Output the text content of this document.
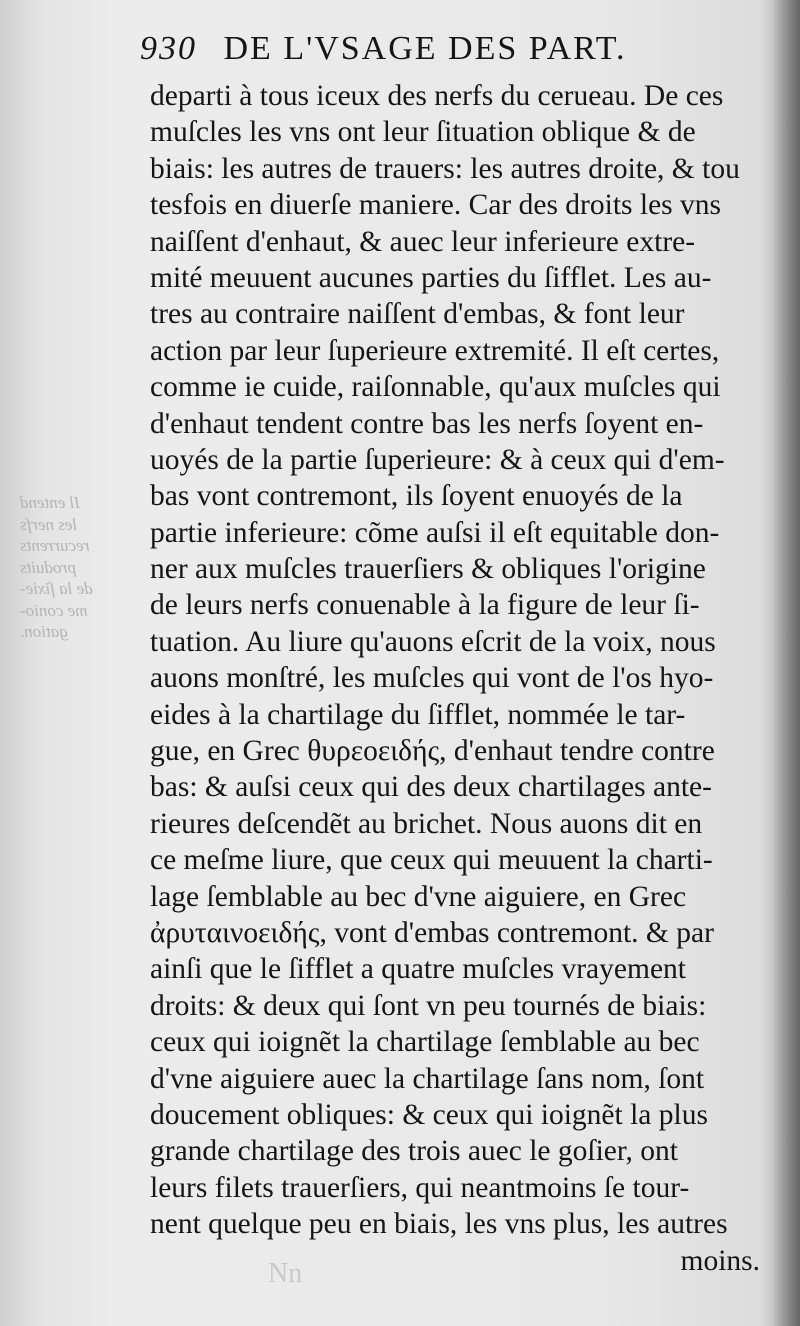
930 DE L'VSAGE DES PART.
departi à tous iceux des nerfs du cerueau. De ces
muſcles les vns ont leur ſituation oblique & de
biais: les autres de trauers: les autres droite, & tou
tesfois en diuerſe maniere. Car des droits les vns
naiſſent d'enhaut, & auec leur inferieure extre-
mité meuuent aucunes parties du ſifflet. Les au-
tres au contraire naiſſent d'embas, & font leur
action par leur ſuperieure extremité. Il eſt certes,
comme ie cuide, raiſonnable, qu'aux muſcles qui
d'enhaut tendent contre bas les nerfs ſoyent en-
uoyés de la partie ſuperieure: & à ceux qui d'em-
bas vont contremont, ils ſoyent enuoyés de la
partie inferieure: cõme auſsi il eſt equitable don-
ner aux muſcles trauerſiers & obliques l'origine
de leurs nerfs conuenable à la figure de leur ſi-
tuation. Au liure qu'auons eſcrit de la voix, nous
auons monſtré, les muſcles qui vont de l'os hyo-
eides à la chartilage du ſifflet, nommée le tar-
gue, en Grec θυρεοειδής, d'enhaut tendre contre
bas: & auſsi ceux qui des deux chartilages ante-
rieures deſcendẽt au brichet. Nous auons dit en
ce meſme liure, que ceux qui meuuent la charti-
lage ſemblable au bec d'vne aiguiere, en Grec
ἀρυταινοειδής, vont d'embas contremont. & par
ainſi que le ſifflet a quatre muſcles vrayement
droits: & deux qui ſont vn peu tournés de biais:
ceux qui ioignẽt la chartilage ſemblable au bec
d'vne aiguiere auec la chartilage ſans nom, ſont
doucement obliques: & ceux qui ioignẽt la plus
grande chartilage des trois auec le goſier, ont
leurs filets trauerſiers, qui neantmoins ſe tour-
nent quelque peu en biais, les vns plus, les autres
moins.
Il entend
les nerfs
recurrents
produits
de la ſixie-
me conio-
gation.
Nn
